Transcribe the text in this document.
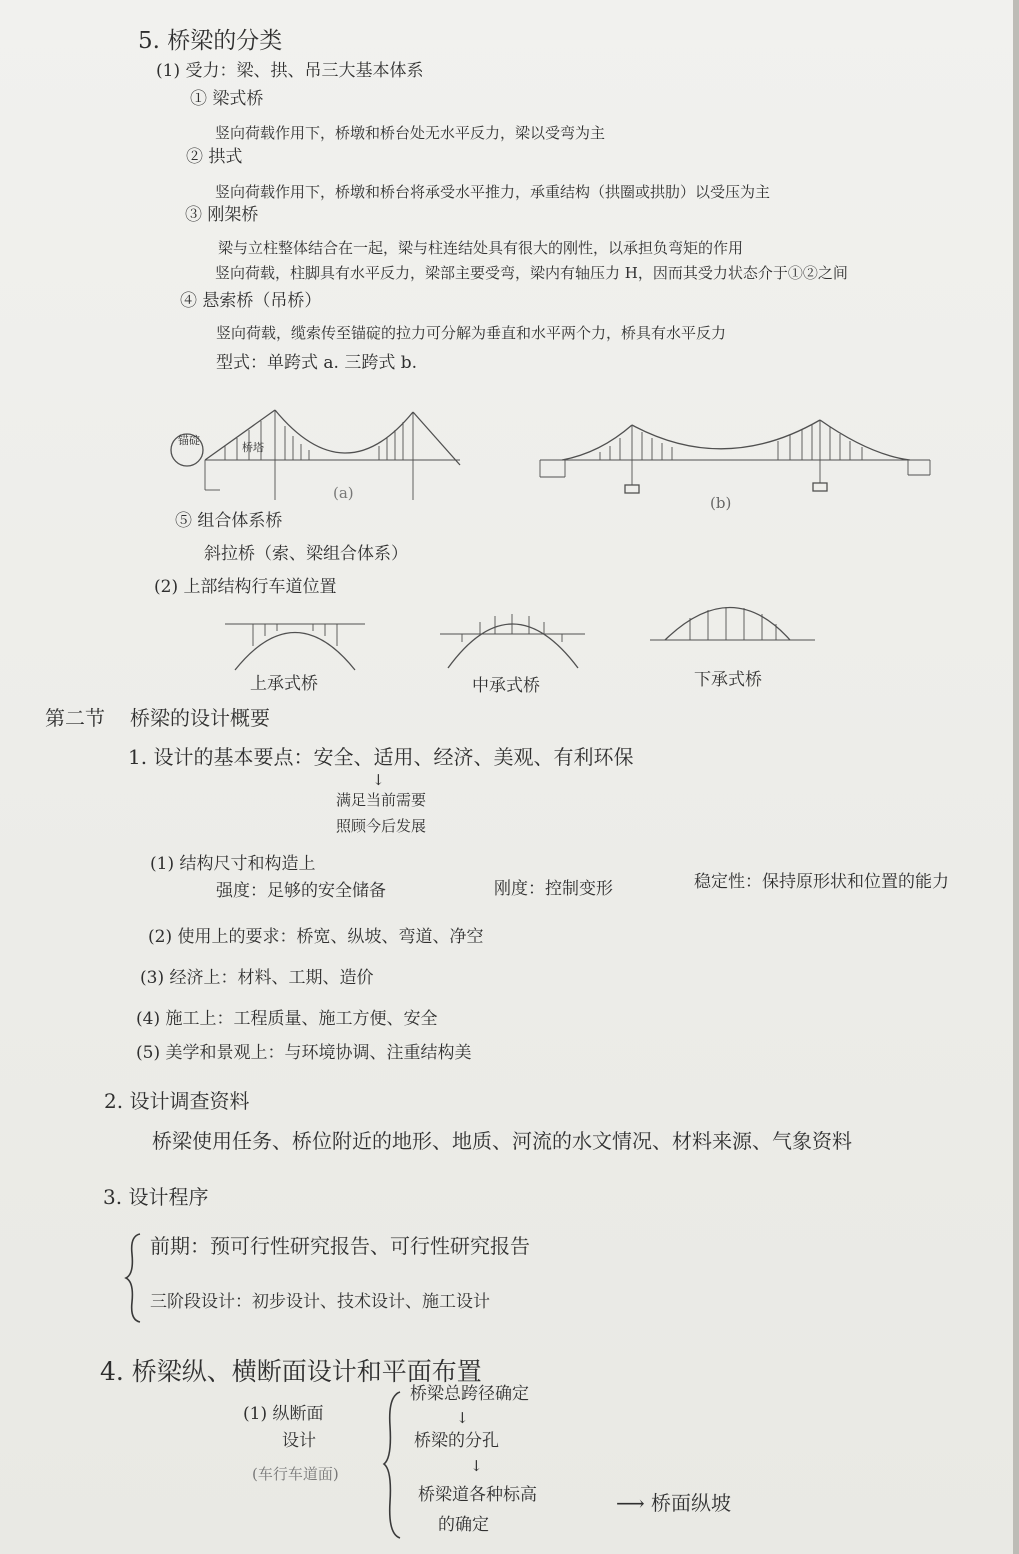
5. 桥梁的分类
(1) 受力：梁、拱、吊三大基本体系
① 梁式桥
竖向荷载作用下，桥墩和桥台处无水平反力，梁以受弯为主
② 拱式
竖向荷载作用下，桥墩和桥台将承受水平推力，承重结构（拱圈或拱肋）以受压为主
③ 刚架桥
梁与立柱整体结合在一起，梁与柱连结处具有很大的刚性，以承担负弯矩的作用
竖向荷载，柱脚具有水平反力，梁部主要受弯，梁内有轴压力 H，因而其受力状态介于①②之间
④ 悬索桥（吊桥）
竖向荷载，缆索传至锚碇的拉力可分解为垂直和水平两个力，桥具有水平反力
型式：单跨式 a. 三跨式 b.
锚碇
桥塔
(a)
(b)
⑤ 组合体系桥
斜拉桥（索、梁组合体系）
(2) 上部结构行车道位置
上承式桥	中承式桥	下承式桥
第二节 桥梁的设计概要
1. 设计的基本要点：安全、适用、经济、美观、有利环保
↓
满足当前需要
照顾今后发展
(1) 结构尺寸和构造上
强度：足够的安全储备	刚度：控制变形	稳定性：保持原形状和位置的能力
(2) 使用上的要求：桥宽、纵坡、弯道、净空
(3) 经济上：材料、工期、造价
(4) 施工上：工程质量、施工方便、安全
(5) 美学和景观上：与环境协调、注重结构美
2. 设计调查资料
桥梁使用任务、桥位附近的地形、地质、河流的水文情况、材料来源、气象资料
3. 设计程序
前期：预可行性研究报告、可行性研究报告
三阶段设计：初步设计、技术设计、施工设计
4. 桥梁纵、横断面设计和平面布置
(1) 纵断面
设计
(车行车道面)
桥梁总跨径确定
↓
桥梁的分孔
↓
桥梁道各种标高
的确定
⟶ 桥面纵坡
